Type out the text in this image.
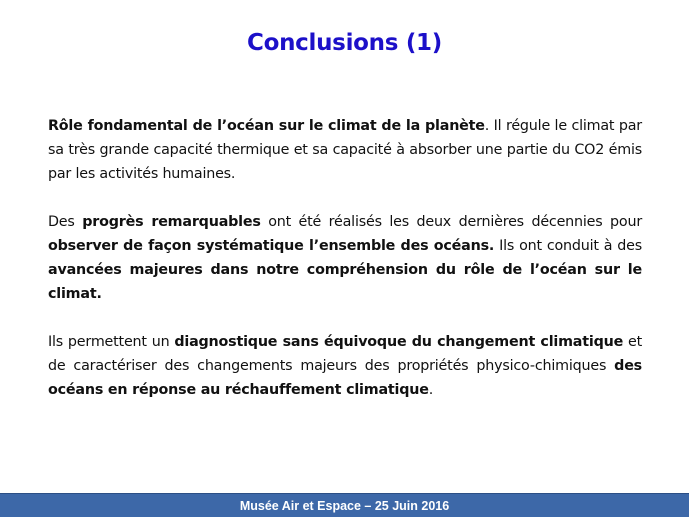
Conclusions (1)

Rôle fondamental de l’océan sur le climat de la planète. Il régule le climat par sa très grande capacité thermique et sa capacité à absorber une partie du CO2 émis par les activités humaines.

Des progrès remarquables ont été réalisés les deux dernières décennies pour observer de façon systématique l’ensemble des océans. Ils ont conduit à des avancées majeures dans notre compréhension du rôle de l’océan sur le climat.

Ils permettent un diagnostique sans équivoque du changement climatique et de caractériser des changements majeurs des propriétés physico-chimiques des océans en réponse au réchauffement climatique.

Musée Air et Espace – 25 Juin 2016
